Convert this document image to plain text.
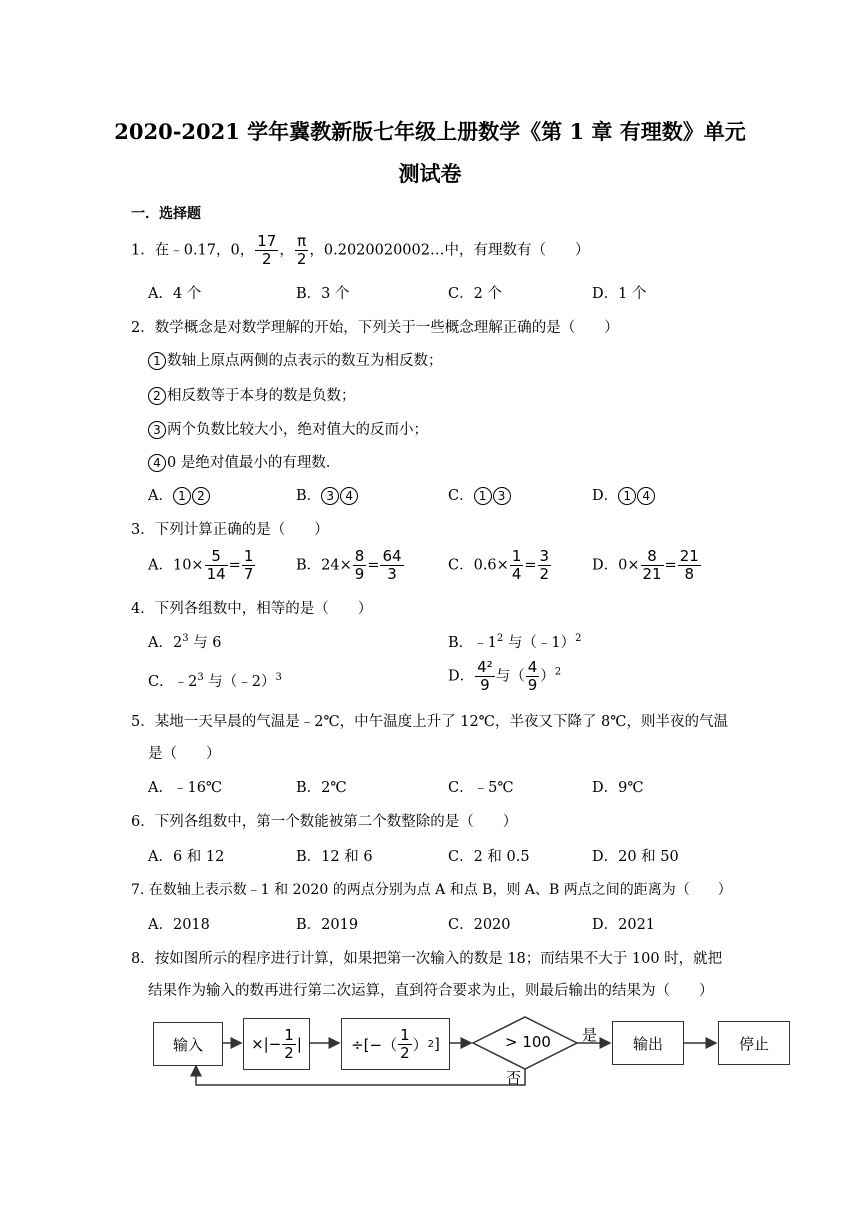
2020-2021 学年冀教新版七年级上册数学《第 1 章 有理数》单元
测试卷
一．选择题
1．在﹣0.17，0， $\frac{17}{2}$ ， $\frac{\pi}{2}$ ，0.2020020002…中，有理数有（　　）
A．4 个	B．3 个	C．2 个	D．1 个
2．数学概念是对数学理解的开始，下列关于一些概念理解正确的是（　　）
1 数轴上原点两侧的点表示的数互为相反数；
2 相反数等于本身的数是负数；
3 两个负数比较大小，绝对值大的反而小；
4 0 是绝对值最小的有理数．
A． 1 2	B． 3 4	C． 1 3	D． 1 4
3．下列计算正确的是（　　）
A．$10\times \frac{5}{14} = \frac{1}{7}$	B．$24\times \frac{8}{9} = \frac{64}{3}$	C．$0.6\times \frac{1}{4} = \frac{3}{2}$	D．$0\times \frac{8}{21} = \frac{21}{8}$
4．下列各组数中，相等的是（　　）
A．$2^3$ 与 6	B．$﹣1^2$ 与（﹣1）$^2$
C．$﹣2^3$ 与（﹣2）$^3$	D． $\frac{\text{4²}}{9}$ 与（ $\frac{4}{9} )^2$
5．某地一天早晨的气温是﹣2℃，中午温度上升了 12℃，半夜又下降了 8℃，则半夜的气温
是（　　）
A．﹣16℃	B．2℃	C．﹣5℃	D．9℃
6．下列各组数中，第一个数能被第二个数整除的是（　　）
A．6 和 12	B．12 和 6	C．2 和 0.5	D．20 和 50
7. 在数轴上表示数﹣1 和 2020 的两点分别为点 A 和点 B，则 A、B 两点之间的距离为（　　）
A．2018	B．2019	C．2020	D．2021
8．按如图所示的程序进行计算，如果把第一次输入的数是 18；而结果不大于 100 时，就把
结果作为输入的数再进行第二次运算，直到符合要求为止，则最后输出的结果为（　　）
输入	×|− $\frac{1}{2}$ |	÷[−（ $\frac{1}{2}$ ） 2 ]	> 100 是
否
输出	停止
